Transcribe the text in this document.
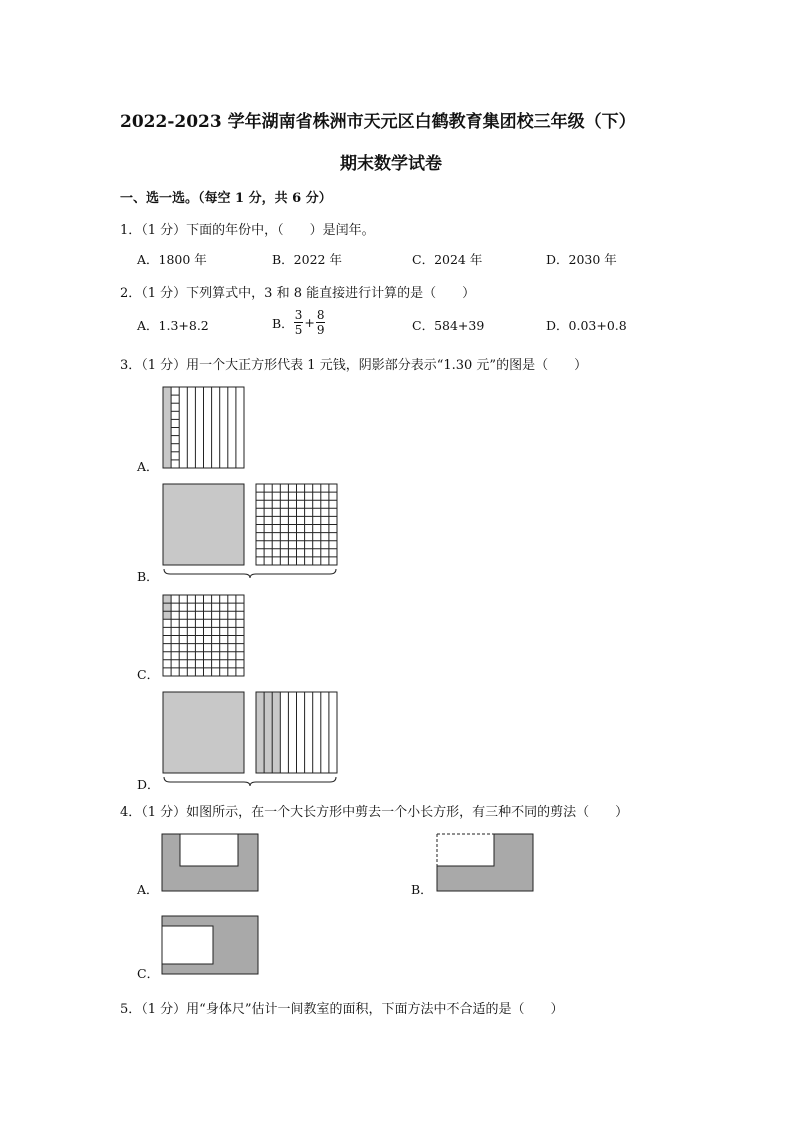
2022-2023 学年湖南省株洲市天元区白鹤教育集团校三年级（下）
期末数学试卷
一、选一选。（每空 1 分，共 6 分）
1．（1 分）下面的年份中，（　　）是闰年。
A．1800 年	B．2022 年	C．2024 年	D．2030 年
2．（1 分）下列算式中，3 和 8 能直接进行计算的是（　　）
A．1.3+8.2	B． $\frac{3}{5} + \frac{8}{9}$	C．584+39	D．0.03+0.8
3．（1 分）用一个大正方形代表 1 元钱，阴影部分表示“1.30 元”的图是（　　）
A．
B．
C．
D．
4．（1 分）如图所示，在一个大长方形中剪去一个小长方形，有三种不同的剪法（　　）
A．	B．
C．
5．（1 分）用“身体尺”估计一间教室的面积，下面方法中不合适的是（　　）
